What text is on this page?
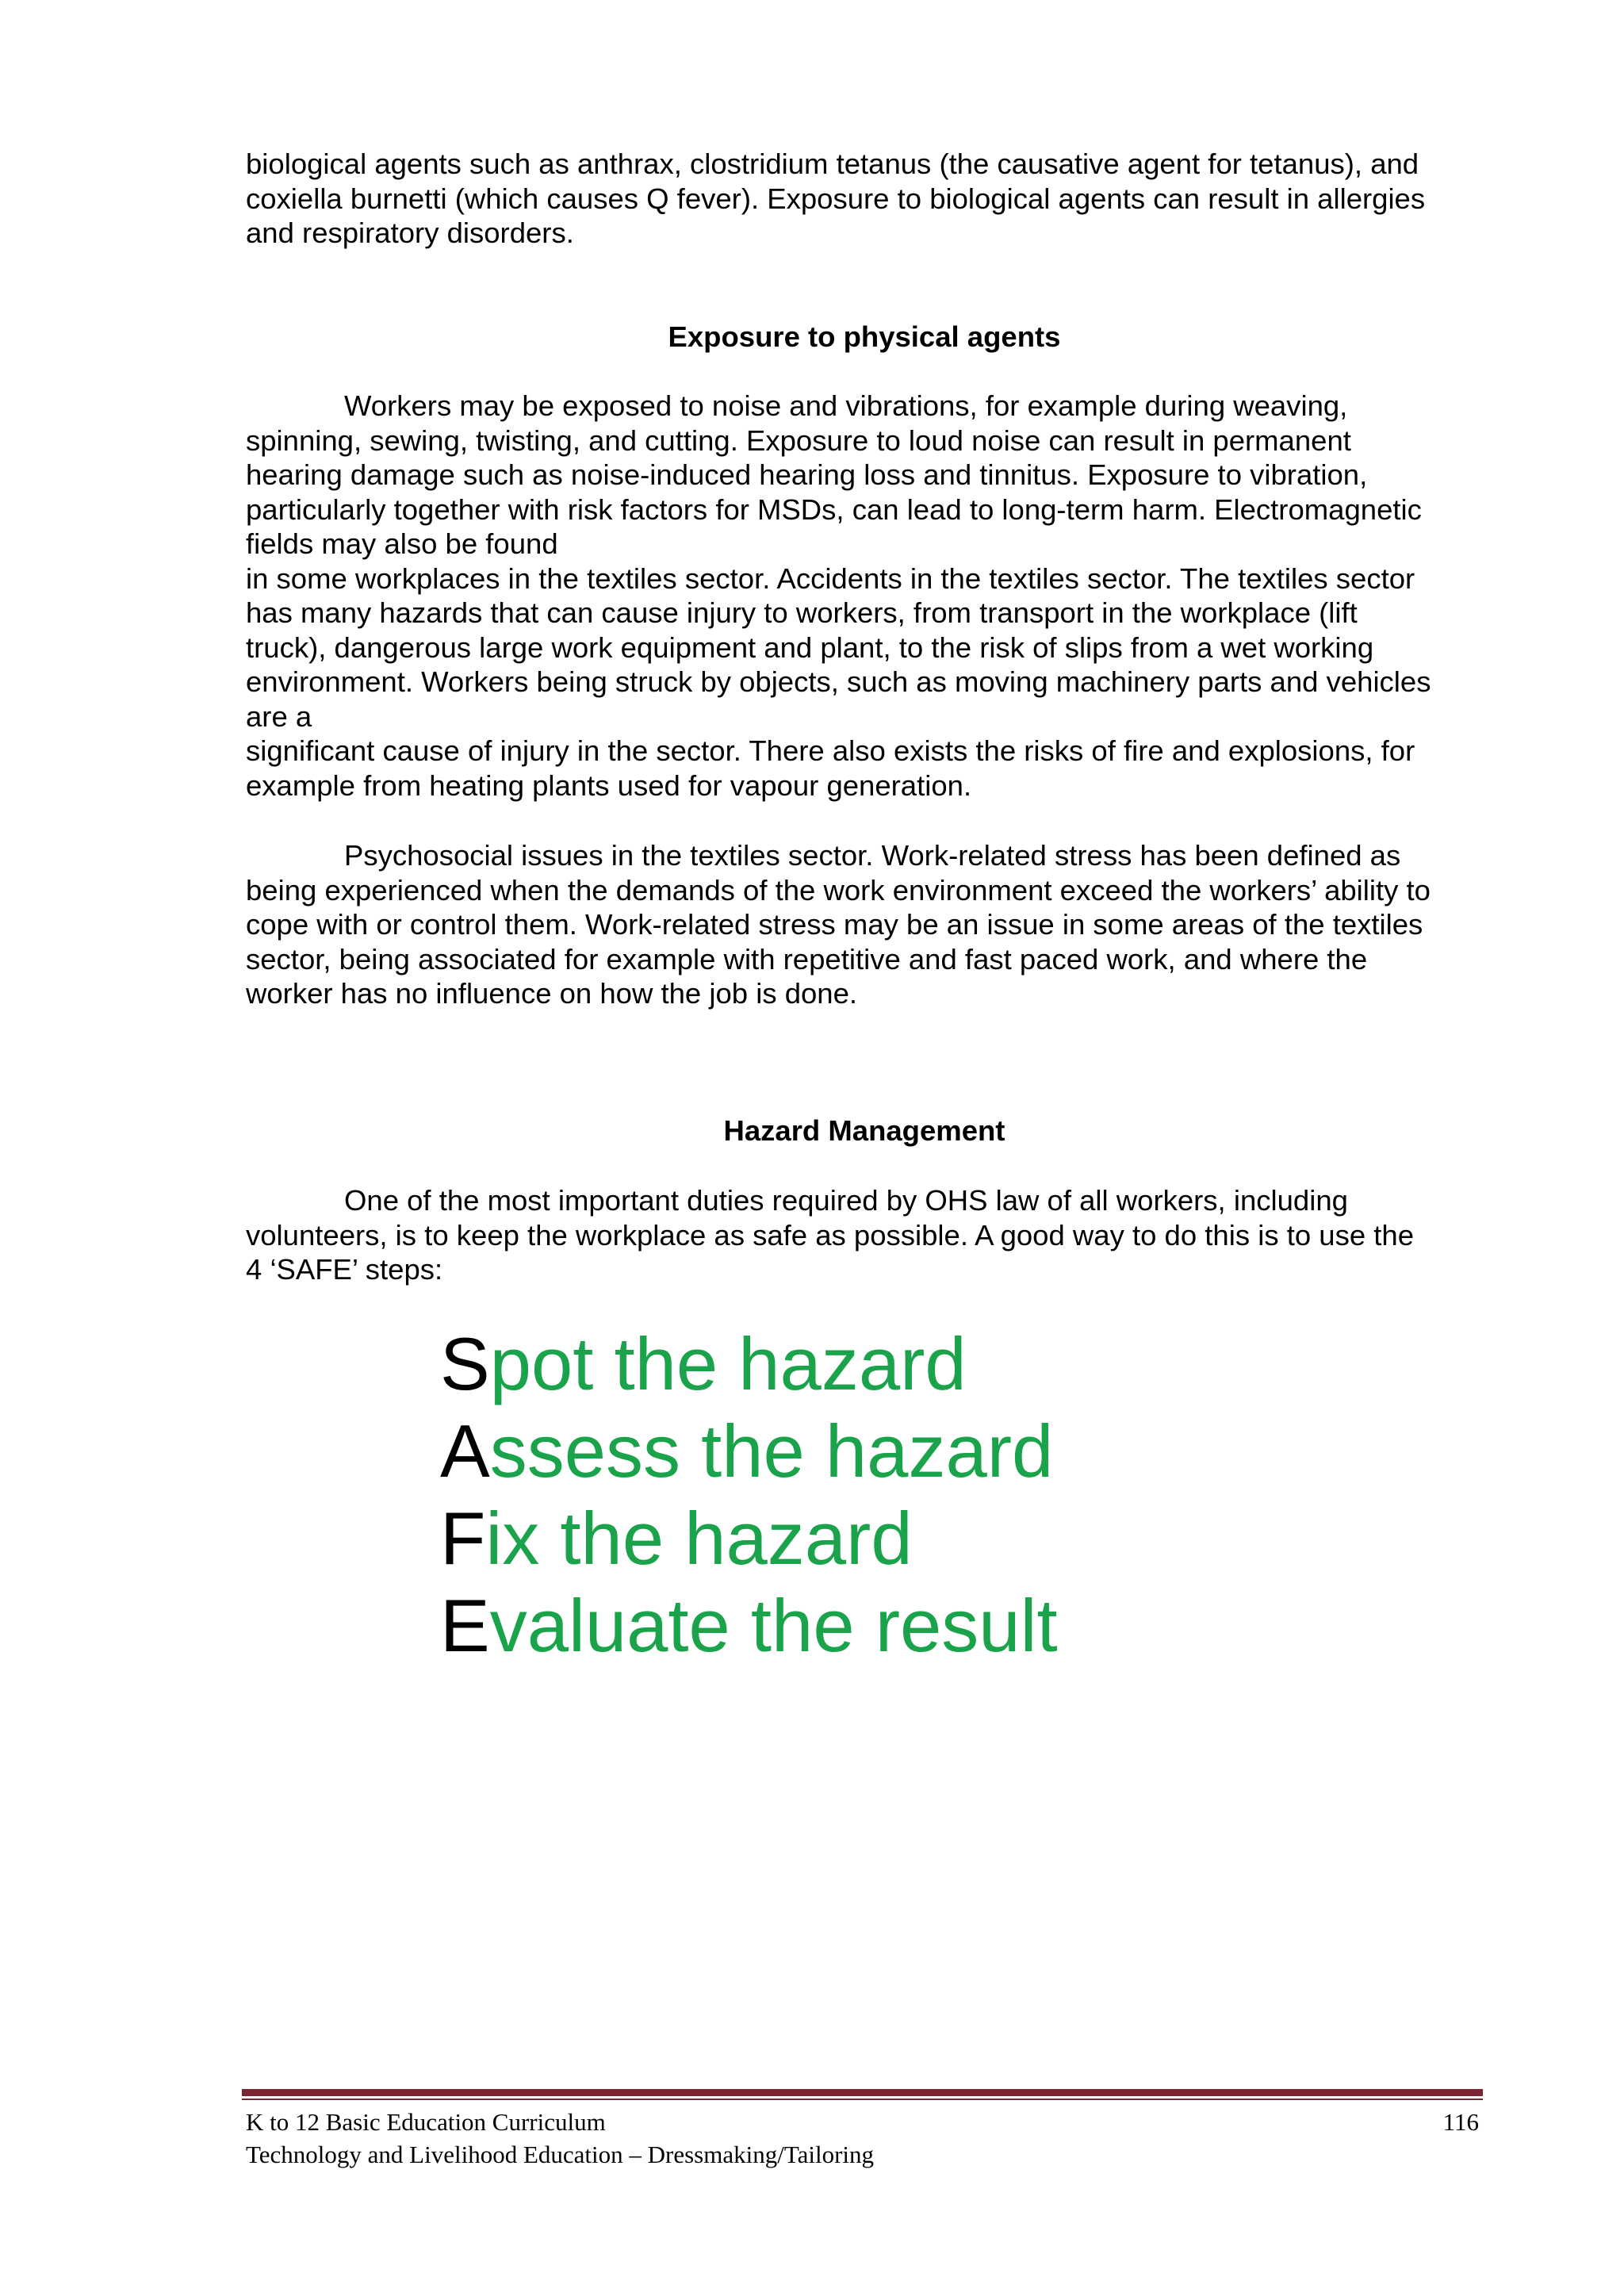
biological agents such as anthrax, clostridium tetanus (the causative agent for tetanus), and
coxiella burnetti (which causes Q fever). Exposure to biological agents can result in allergies
and respiratory disorders.

Exposure to physical agents

Workers may be exposed to noise and vibrations, for example during weaving,
spinning, sewing, twisting, and cutting. Exposure to loud noise can result in permanent
hearing damage such as noise-induced hearing loss and tinnitus. Exposure to vibration,
particularly together with risk factors for MSDs, can lead to long-term harm. Electromagnetic
fields may also be found
in some workplaces in the textiles sector. Accidents in the textiles sector. The textiles sector
has many hazards that can cause injury to workers, from transport in the workplace (lift
truck), dangerous large work equipment and plant, to the risk of slips from a wet working
environment. Workers being struck by objects, such as moving machinery parts and vehicles
are a
significant cause of injury in the sector. There also exists the risks of fire and explosions, for
example from heating plants used for vapour generation.

Psychosocial issues in the textiles sector. Work-related stress has been defined as
being experienced when the demands of the work environment exceed the workers’ ability to
cope with or control them. Work-related stress may be an issue in some areas of the textiles
sector, being associated for example with repetitive and fast paced work, and where the
worker has no influence on how the job is done.

Hazard Management

One of the most important duties required by OHS law of all workers, including
volunteers, is to keep the workplace as safe as possible. A good way to do this is to use the
4 ‘SAFE’ steps:

Spot the hazard
Assess the hazard
Fix the hazard
Evaluate the result
K to 12 Basic Education Curriculum
Technology and Livelihood Education – Dressmaking/Tailoring
116
